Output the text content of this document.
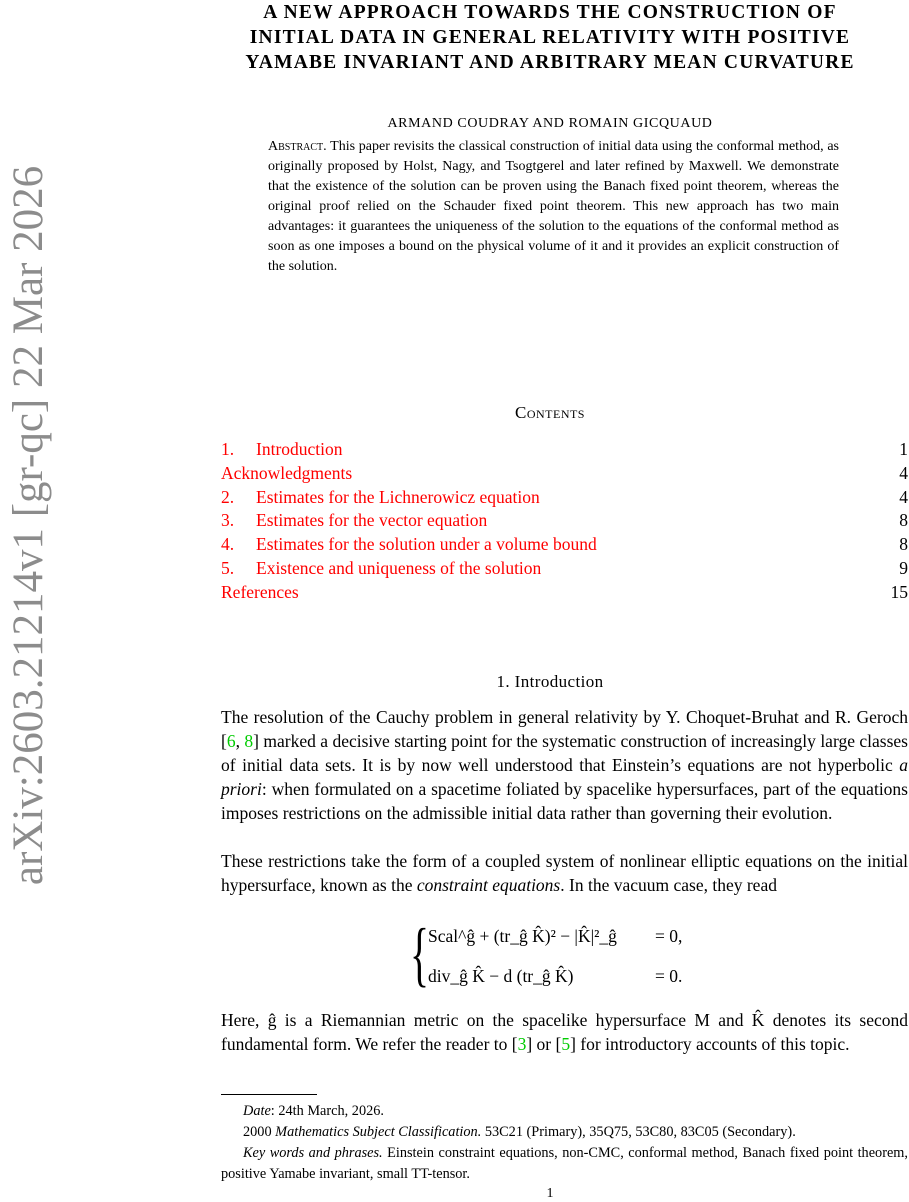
arXiv:2603.21214v1 [gr-qc] 22 Mar 2026
A NEW APPROACH TOWARDS THE CONSTRUCTION OF
INITIAL DATA IN GENERAL RELATIVITY WITH POSITIVE
YAMABE INVARIANT AND ARBITRARY MEAN CURVATURE
ARMAND COUDRAY AND ROMAIN GICQUAUD
Abstract. This paper revisits the classical construction of initial data using the conformal method, as originally proposed by Holst, Nagy, and Tsogtgerel and later refined by Maxwell. We demonstrate that the existence of the solution can be proven using the Banach fixed point theorem, whereas the original proof relied on the Schauder fixed point theorem. This new approach has two main advantages: it guarantees the uniqueness of the solution to the equations of the conformal method as soon as one imposes a bound on the physical volume of it and it provides an explicit construction of the solution.
Contents
1. Introduction	1
Acknowledgments	4
2. Estimates for the Lichnerowicz equation	4
3. Estimates for the vector equation	8
4. Estimates for the solution under a volume bound	8
5. Existence and uniqueness of the solution	9
References	15
1. Introduction
The resolution of the Cauchy problem in general relativity by Y. Choquet-Bruhat and R. Geroch [6, 8] marked a decisive starting point for the systematic construction of increasingly large classes of initial data sets. It is by now well understood that Einstein’s equations are not hyperbolic a priori: when formulated on a spacetime foliated by spacelike hypersurfaces, part of the equations imposes restrictions on the admissible initial data rather than governing their evolution.
These restrictions take the form of a coupled system of nonlinear elliptic equations on the initial hypersurface, known as the constraint equations. In the vacuum case, they read
{
Scal^ĝ + (tr_ĝ K̂)² − |K̂|²_ĝ = 0,
div_ĝ K̂ − d (tr_ĝ K̂)	= 0.
Here, ĝ is a Riemannian metric on the spacelike hypersurface M and K̂ denotes its second fundamental form. We refer the reader to [3] or [5] for introductory accounts of this topic.
Date: 24th March, 2026.
2000 Mathematics Subject Classification. 53C21 (Primary), 35Q75, 53C80, 83C05 (Secondary).
Key words and phrases. Einstein constraint equations, non-CMC, conformal method, Banach fixed point theorem, positive Yamabe invariant, small TT-tensor.
1
